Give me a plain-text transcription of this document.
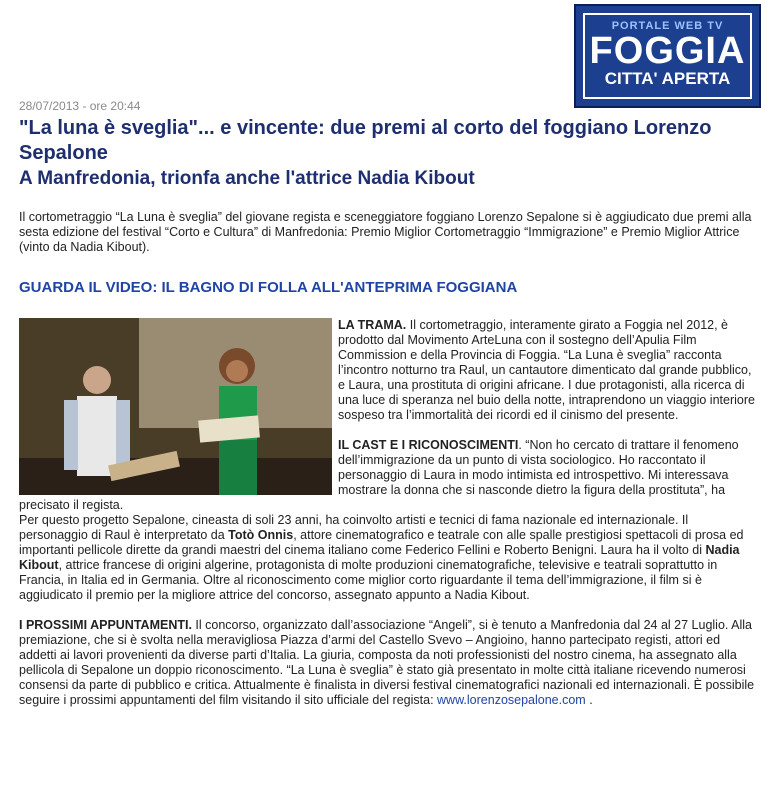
PORTALE WEB TV
FOGGIA
CITTA' APERTA
28/07/2013 - ore 20:44
"La luna è sveglia"... e vincente: due premi al corto del foggiano Lorenzo Sepalone
A Manfredonia, trionfa anche l'attrice Nadia Kibout

Il cortometraggio “La Luna è sveglia” del giovane regista e sceneggiatore foggiano Lorenzo Sepalone si è aggiudicato due premi alla sesta edizione del festival “Corto e Cultura” di Manfredonia: Premio Miglior Cortometraggio “Immigrazione” e Premio Miglior Attrice (vinto da Nadia Kibout).

GUARDA IL VIDEO: IL BAGNO DI FOLLA ALL'ANTEPRIMA FOGGIANA

LA TRAMA. Il cortometraggio, interamente girato a Foggia nel 2012, è prodotto dal Movimento ArteLuna con il sostegno dell’Apulia Film Commission e della Provincia di Foggia. “La Luna è sveglia” racconta l’incontro notturno tra Raul, un cantautore dimenticato dal grande pubblico, e Laura, una prostituta di origini africane. I due protagonisti, alla ricerca di una luce di speranza nel buio della notte, intraprendono un viaggio interiore sospeso tra l’immortalità dei ricordi ed il cinismo del presente.

IL CAST E I RICONOSCIMENTI. “Non ho cercato di trattare il fenomeno dell’immigrazione da un punto di vista sociologico. Ho raccontato il personaggio di Laura in modo intimista ed introspettivo. Mi interessava mostrare la donna che si nasconde dietro la figura della prostituta”, ha precisato il regista.

Per questo progetto Sepalone, cineasta di soli 23 anni, ha coinvolto artisti e tecnici di fama nazionale ed internazionale. Il personaggio di Raul è interpretato da Totò Onnis, attore cinematografico e teatrale con alle spalle prestigiosi spettacoli di prosa ed importanti pellicole dirette da grandi maestri del cinema italiano come Federico Fellini e Roberto Benigni. Laura ha il volto di Nadia Kibout, attrice francese di origini algerine, protagonista di molte produzioni cinematografiche, televisive e teatrali soprattutto in Francia, in Italia ed in Germania. Oltre al riconoscimento come miglior corto riguardante il tema dell’immigrazione, il film si è aggiudicato il premio per la migliore attrice del concorso, assegnato appunto a Nadia Kibout.

I PROSSIMI APPUNTAMENTI. Il concorso, organizzato dall’associazione “Angeli”, si è tenuto a Manfredonia dal 24 al 27 Luglio. Alla premiazione, che si è svolta nella meravigliosa Piazza d’armi del Castello Svevo – Angioino, hanno partecipato registi, attori ed addetti ai lavori provenienti da diverse parti d’Italia. La giuria, composta da noti professionisti del nostro cinema, ha assegnato alla pellicola di Sepalone un doppio riconoscimento. “La Luna è sveglia” è stato già presentato in molte città italiane ricevendo numerosi consensi da parte di pubblico e critica. Attualmente è finalista in diversi festival cinematografici nazionali ed internazionali. È possibile seguire i prossimi appuntamenti del film visitando il sito ufficiale del regista: www.lorenzosepalone.com .
